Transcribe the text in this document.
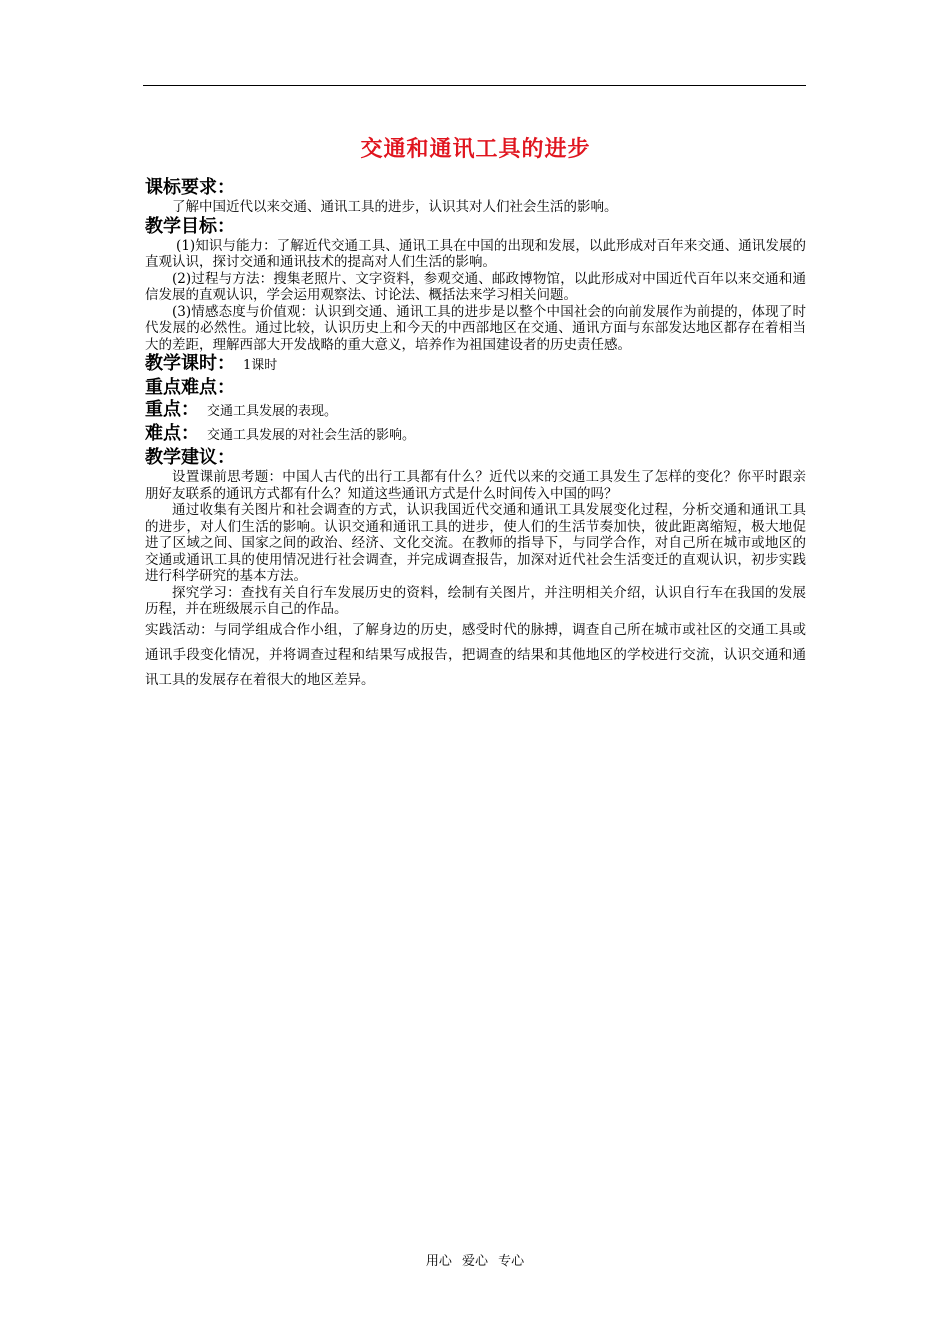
交通和通讯工具的进步

课标要求：

了解中国近代以来交通、通讯工具的进步，认识其对人们社会生活的影响。

教学目标：

(1)知识与能力：了解近代交通工具、通讯工具在中国的出现和发展，以此形成对百年来交通、通讯发展的直观认识，探讨交通和通讯技术的提高对人们生活的影响。

(2)过程与方法：搜集老照片、文字资料，参观交通、邮政博物馆，以此形成对中国近代百年以来交通和通信发展的直观认识，学会运用观察法、讨论法、概括法来学习相关问题。

(3)情感态度与价值观：认识到交通、通讯工具的进步是以整个中国社会的向前发展作为前提的，体现了时代发展的必然性。通过比较，认识历史上和今天的中西部地区在交通、通讯方面与东部发达地区都存在着相当大的差距，理解西部大开发战略的重大意义，培养作为祖国建设者的历史责任感。

教学课时： 1课时

重点难点：

重点： 交通工具发展的表现。

难点： 交通工具发展的对社会生活的影响。

教学建议：

设置课前思考题：中国人古代的出行工具都有什么？近代以来的交通工具发生了怎样的变化？你平时跟亲朋好友联系的通讯方式都有什么？知道这些通讯方式是什么时间传入中国的吗？

通过收集有关图片和社会调查的方式，认识我国近代交通和通讯工具发展变化过程，分析交通和通讯工具的进步，对人们生活的影响。认识交通和通讯工具的进步，使人们的生活节奏加快，彼此距离缩短，极大地促进了区域之间、国家之间的政治、经济、文化交流。在教师的指导下，与同学合作，对自己所在城市或地区的交通或通讯工具的使用情况进行社会调查，并完成调查报告，加深对近代社会生活变迁的直观认识，初步实践进行科学研究的基本方法。

探究学习：查找有关自行车发展历史的资料，绘制有关图片，并注明相关介绍，认识自行车在我国的发展历程，并在班级展示自己的作品。

实践活动：与同学组成合作小组，了解身边的历史，感受时代的脉搏，调查自己所在城市或社区的交通工具或通讯手段变化情况，并将调查过程和结果写成报告，把调查的结果和其他地区的学校进行交流，认识交通和通讯工具的发展存在着很大的地区差异。

用心 爱心 专心
